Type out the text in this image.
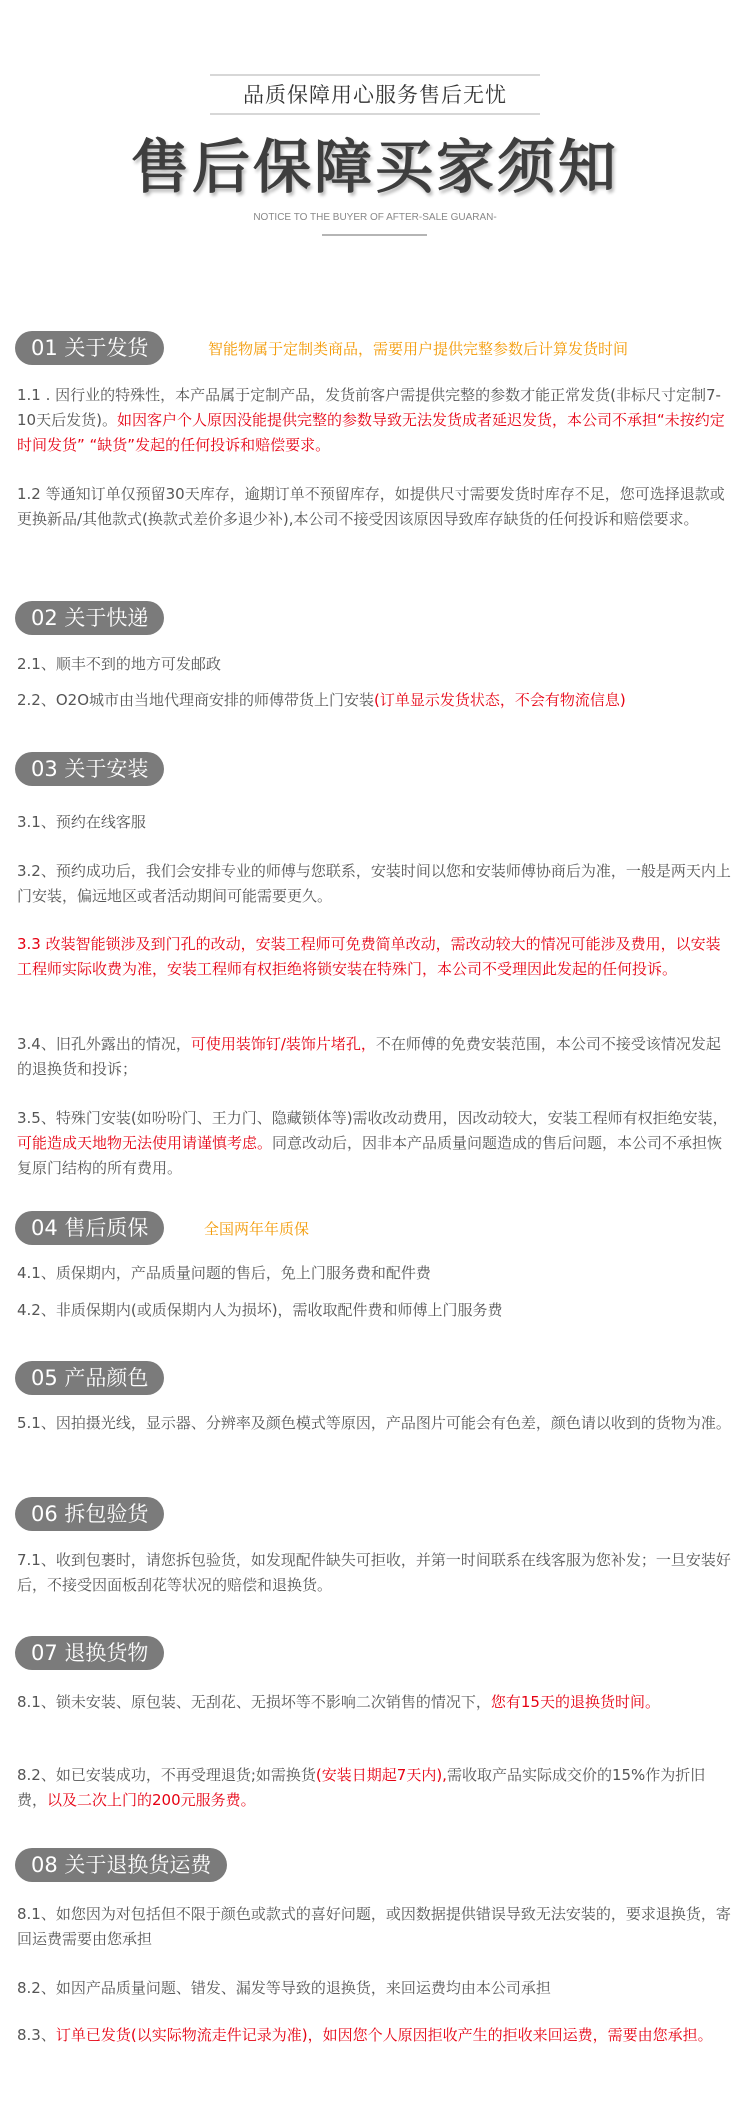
品质保障用心服务售后无忧
售后保障买家须知
NOTICE TO THE BUYER OF AFTER-SALE GUARAN-
01 关于发货	智能物属于定制类商品，需要用户提供完整参数后计算发货时间
1.1 . 因行业的特殊性，本产品属于定制产品，发货前客户需提供完整的参数才能正常发货(非标尺寸定制7-10天后发货)。如因客户个人原因没能提供完整的参数导致无法发货成者延迟发货，本公司不承担“未按约定时间发货” “缺货”发起的任何投诉和赔偿要求。
1.2 等通知订单仅预留30天库存，逾期订单不预留库存，如提供尺寸需要发货时库存不足，您可选择退款或更换新品/其他款式(换款式差价多退少补),本公司不接受因该原因导致库存缺货的任何投诉和赔偿要求。
02 关于快递
2.1、顺丰不到的地方可发邮政
2.2、O2O城市由当地代理商安排的师傅带货上门安装(订单显示发货状态，不会有物流信息)
03 关于安装
3.1、预约在线客服
3.2、预约成功后，我们会安排专业的师傅与您联系，安装时间以您和安装师傅协商后为准，一般是两天内上门安装，偏远地区或者活动期间可能需要更久。
3.3 改装智能锁涉及到门孔的改动，安装工程师可免费简单改动，需改动较大的情况可能涉及费用，以安装工程师实际收费为准，安装工程师有权拒绝将锁安装在特殊门，本公司不受理因此发起的任何投诉。
3.4、旧孔外露出的情况，可使用装饰钉/装饰片堵孔，不在师傅的免费安装范围，本公司不接受该情况发起的退换货和投诉；
3.5、特殊门安装(如吩吩门、王力门、隐藏锁体等)需收改动费用，因改动较大，安装工程师有权拒绝安装，可能造成天地物无法使用请谨慎考虑。同意改动后，因非本产品质量问题造成的售后问题，本公司不承担恢复原门结构的所有费用。
04 售后质保	全国两年年质保
4.1、质保期内，产品质量问题的售后，免上门服务费和配件费
4.2、非质保期内(或质保期内人为损坏)，需收取配件费和师傅上门服务费
05 产品颜色
5.1、因拍摄光线，显示器、分辨率及颜色模式等原因，产品图片可能会有色差，颜色请以收到的货物为准。
06 拆包验货
7.1、收到包裹时，请您拆包验货，如发现配件缺失可拒收，并第一时间联系在线客服为您补发；一旦安装好后，不接受因面板刮花等状况的赔偿和退换货。
07 退换货物
8.1、锁未安装、原包装、无刮花、无损坏等不影响二次销售的情况下，您有15天的退换货时间。
8.2、如已安装成功，不再受理退货;如需换货(安装日期起7天内),需收取产品实际成交价的15%作为折旧费，以及二次上门的200元服务费。
08 关于退换货运费
8.1、如您因为对包括但不限于颜色或款式的喜好问题，或因数据提供错误导致无法安装的，要求退换货，寄回运费需要由您承担
8.2、如因产品质量问题、错发、漏发等导致的退换货，来回运费均由本公司承担
8.3、订单已发货(以实际物流走件记录为准)，如因您个人原因拒收产生的拒收来回运费，需要由您承担。
